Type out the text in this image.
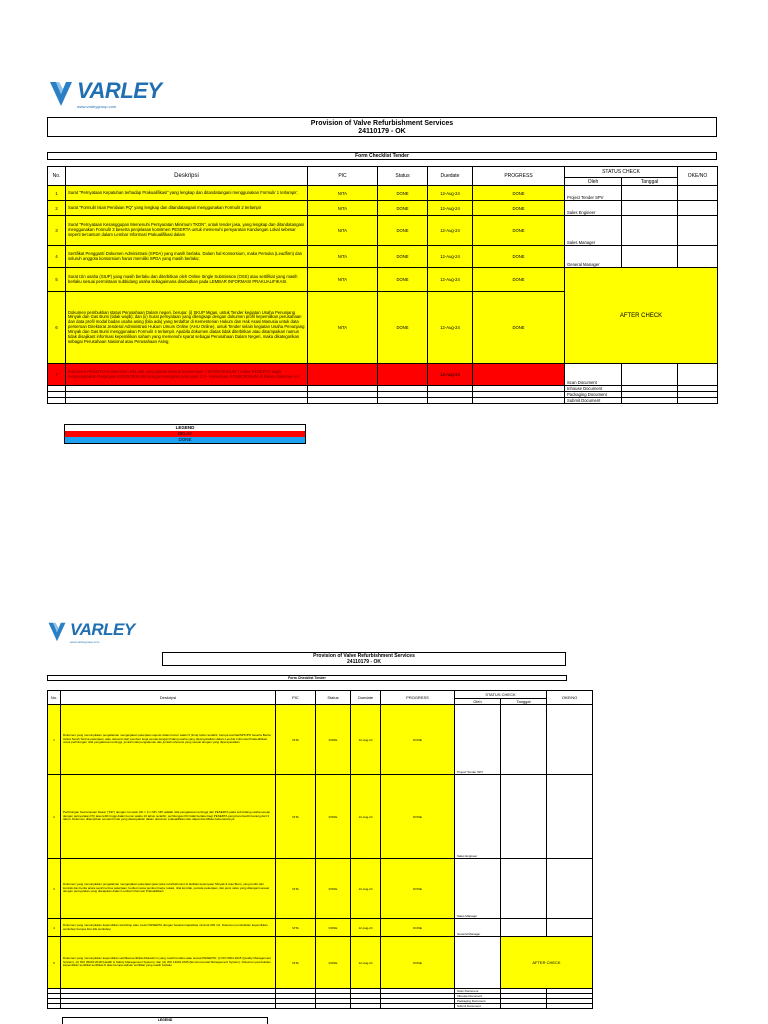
VARLEY
www.varleygroup.com
Provision of Valve Refurbishment Services
24110179 - OK
Form Checklist Tender
No.	Deskripsi	PIC	Status	Duedate	PROGRESS	STATUS CHECK		OKE/NO
						Oleh	Tanggal	
1	Surat "Pernyataan Kepatuhan terhadap Prakualifikasi" yang lengkap dan ditandatangani menggunakan Formulir 1 terlampir;	NITA	DONE	12-Aug-24	DONE	Project Tender SPV		
2	Surat "Formulir Isian Penilaian PQ" yang lengkap dan ditandatangani menggunakan Formulir 2 terlampir	NITA	DONE	12-Aug-24	DONE	Sales Engineer		
3	Surat "Pernyataan Kesanggupan Memenuhi Persyaratan Minimum TKDN", untuk tender jasa, yang lengkap dan ditandatangani menggunakan Formulir 3 beserta penjelasan komitmen PESERTA untuk memenuhi persyaratan Kandungan Lokal sebesar seperti tercantum dalam Lembar Informasi Prakualifikasi dalam	NITA	DONE	12-Aug-24	DONE	Sales Manager		
4	Sertifikat Penggantí Dokumen Administrasi (SPDA) yang masih berlaku. Dalam hal Konsorsium, maka Pemuka (Leadfirm) dan seluruh anggota konsorsium harus memiliki SPDA yang masih berlaku;	NITA	DONE	12-Aug-24	DONE	General Manager		
5	Surat Izin usaha (SIUP) yang masih berlaku dan diterbitkan oleh Online Single Submission (OSS) atau sertifikat yang masih berlaku sesuai permintaan subbidang usaha sebagaimana disebutkan pada LEMBAR INFORMASI PRAKUALIFIKASI.	NITA	DONE	12-Aug-24	DONE	AFTER CHECK		
6	Dokumen pembuktian status Perusahaan Dalam negeri, berupa: (i) SKUP Migas, untuk Tender kegiatan Usaha Penunjang Minyak dan Gas Bumi (tidak wajib); dan (ii) Surat pernyataan yang dilengkapi dengan dokumen profil kepemilikan perusahaan dan data profil modal badan usaha asing (bila ada) yang terdaftar di Kementerian Hukum dan Hak Asasi Manusia untuk data perseroan Direktorat Jenderal Administrasi Hukum Umum Online (AHU Online), untuk Tender selain kegiatan Usaha Penunjang Minyak dan Gas Bumi menggunakan Formulir 4 terlampir. Apabila dokumen diatas tidak diterbitkan atau disampaikan namun tidak disajikant informasi kepemilikan saham yang memenuhi syarat sebagai Perusahaan Dalam Negeri, maka dikategorikan sebagai Perusahaan Nasional atau Perusahaan Asing;	NITA	DONE	12-Aug-24	DONE			
7	Dokumen PESERTA konsorsium bila ada yang dalam bentuk konsorsium ("KONSORSIUM") maka PESERTA wajib menyampaikan Perjanjian KONSORSIUM dengan mengikuti poin-poin 2.3 - Ketentuan KONSORSIUM di dalam dokumen ini;			12-Aug-24		Scan Document		
						Inhouse Document		
						Packaging Document		
						Submit Document		
LEGEND
DELAY
DONE
VARLEY
www.varleygroup.com
Provision of Valve Refurbishment Services
24110179 - OK
Form Checklist Tender
No.	Deskripsi	PIC	Status	Duedate	PROGRESS	STATUS CHECK		OKE/NO
						Oleh	Tanggal	
1	Dokumen yang menunjukkan pengalaman mengerjakan pekerjaan sejenis dalam kurun waktu 5 (lima) tahun terakhir, berupa kontrak/SPK/PO beserta Berita Acara Serah Terima pekerjaan, atau referensi dari pemberi kerja sesuai dengan bidang usaha yang dipersyaratkan dalam Lembar Informasi Prakualifikasi untuk perhitungan nilai pengalaman tertinggi, jumlah nilai pengalaman dan jumlah referensi yang sesuai dengan yang dipersyaratkan	NITA	DONE	12-Aug-24	DONE	Project Tender SPV		
2	Perhitungan Kemampuan Dasar ("KD") dengan rumusan KD = 3 x NPt. NPt adalah nilai pengalaman tertinggi dari PESERTA pada sub bidang usaha sesuai dengan persyaratan PQ atau lebih tinggi dalam kurun waktu 10 tahun terakhir; perhitungan KD tidak berlaku bagi PESERTA yang baru berdiri kurang dari 3 tahun. Dokumen dilampirkan sesuai format yang disampaikan dalam dokumen prakualifikasi dan dapat diverifikasi kebenarannya	NITA	DONE	12-Aug-24	DONE	Sales Engineer		
3	Dokumen yang menunjukkan pengalaman mengerjakan pekerjaan jasa valve refurbishment di fasilitas kepunyaan Minyak & Gas Bumi, yang terdiri dari kontrak dan berita acara serah terima pekerjaan, berikut nama pemberi kerja, lokasi, nilai kontrak, periode pekerjaan, dan jenis valve yang ditangani sesuai dengan persyaratan yang ditetapkan dalam Lembar Informasi Prakualifikasi	NITA	DONE	12-Aug-24	DONE	Sales Manager		
4	Dokumen yang menunjukkan kepemilikan workshop atau mesin PESERTA dengan besaran kapasitas minimal 200 m2. Dokumen pembuktian kepemilikan workshop berupa foto titik workshop	NITA	DONE	12-Aug-24	DONE	General Manager		
5	Dokumen yang menunjukkan kepemilikan sertifikat-sertifikat dibawah ini yang masih berlaku atau sesuai PESERTA: (i) ISO 9001:2015 (Quality Management System), (ii) ISO 45001:2018 (Health & Safety Management System), dan (iii) ISO 14001:2015 (Environmental Management System). Dokumen pembuktian kepemilikan sertifikat sertifikat di atas berupa salinan sertifikat yang masih berlaku	NITA	DONE	12-Aug-24	DONE		AFTER CHECK	
						Scan Document		
						Inhouse Document		
						Packaging Document		
						Submit Document		
LEGEND
